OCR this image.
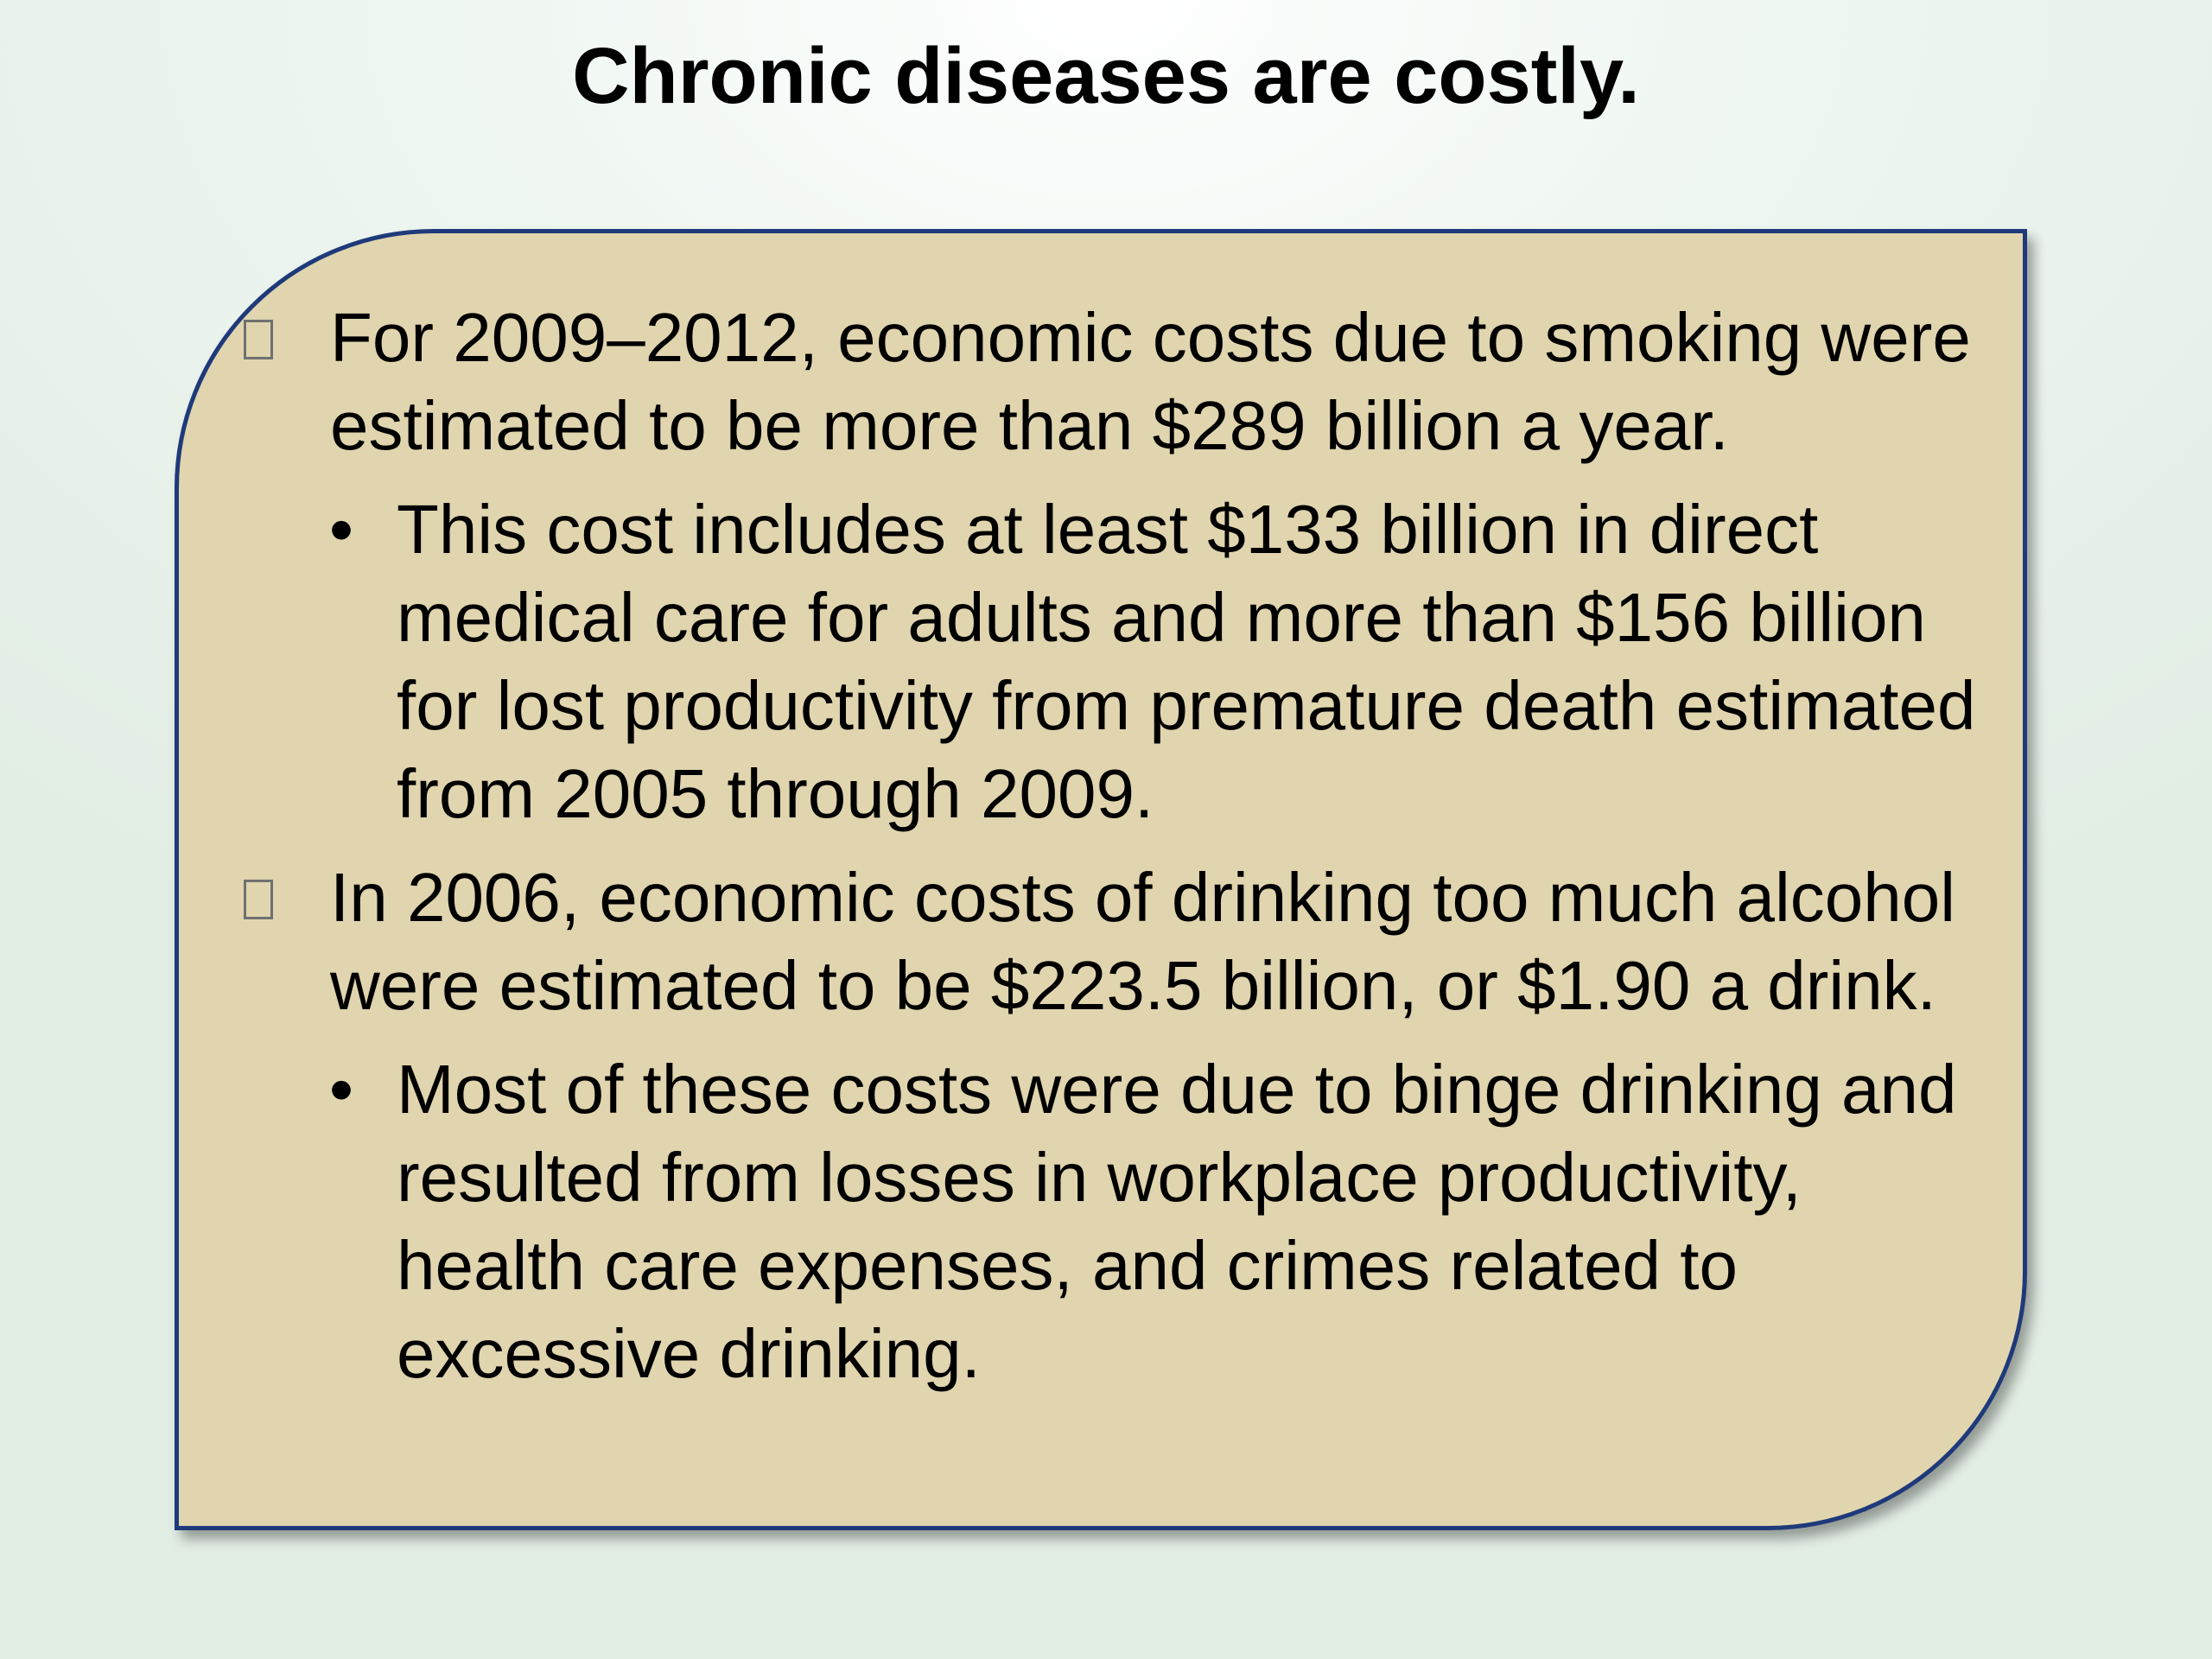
Chronic diseases are costly.
For 2009–2012, economic costs due to smoking were estimated to be more than $289 billion a year.
• This cost includes at least $133 billion in direct medical care for adults and more than $156 billion for lost productivity from premature death estimated from 2005 through 2009.
In 2006, economic costs of drinking too much alcohol were estimated to be $223.5 billion, or $1.90 a drink.
• Most of these costs were due to binge drinking and resulted from losses in workplace productivity, health care expenses, and crimes related to excessive drinking.
